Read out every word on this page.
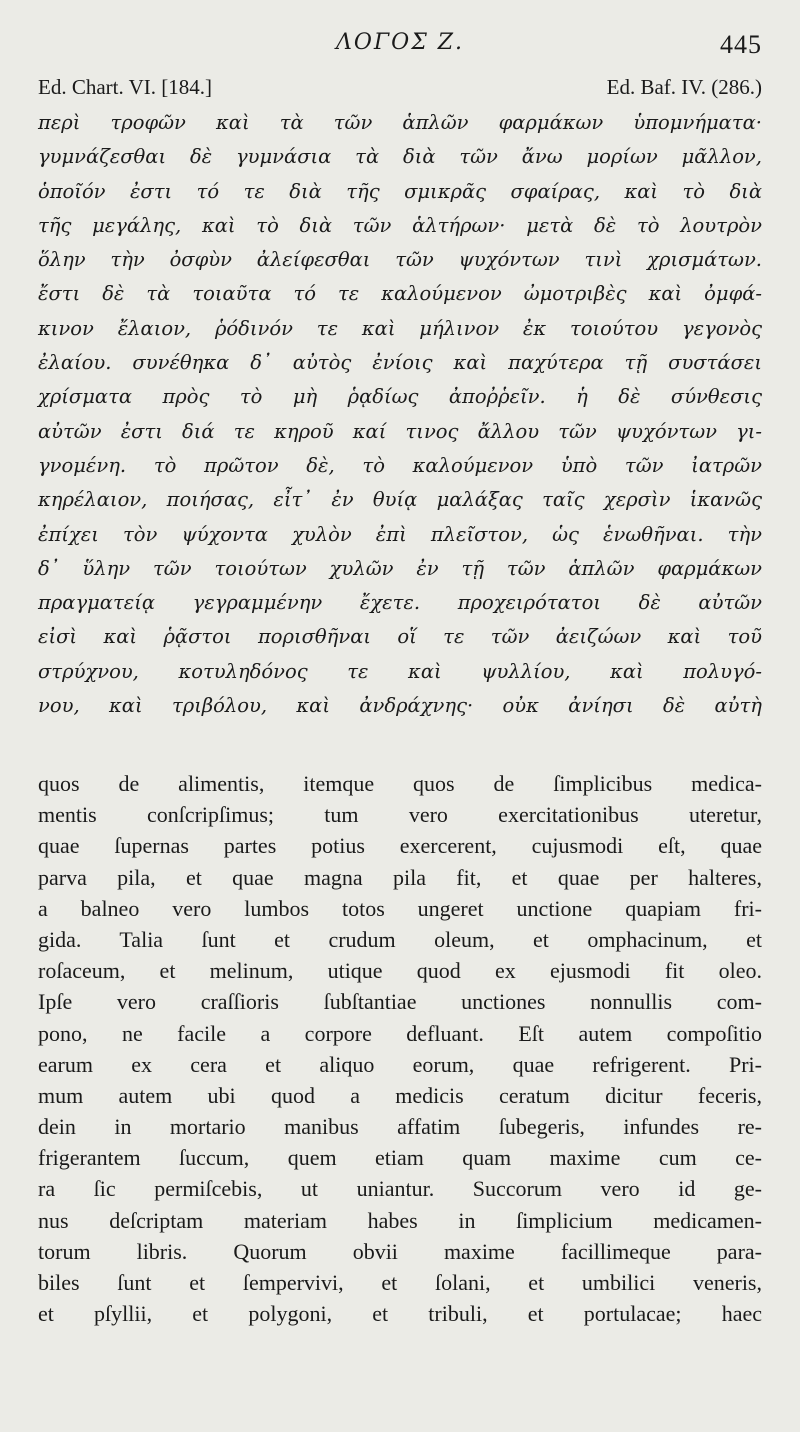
ΛΟΓΟΣ Ζ.	445
Ed. Chart. VI. [184.]	Ed. Baf. IV. (286.)
περὶ τροφῶν καὶ τὰ τῶν ἁπλῶν φαρμάκων ὑπομνήματα·
γυμνάζεσθαι δὲ γυμνάσια τὰ διὰ τῶν ἄνω μορίων μᾶλλον,
ὁποῖόν ἐστι τό τε διὰ τῆς σμικρᾶς σφαίρας, καὶ τὸ διὰ
τῆς μεγάλης, καὶ τὸ διὰ τῶν ἁλτήρων· μετὰ δὲ τὸ λουτρὸν
ὅλην τὴν ὀσφὺν ἀλείφεσθαι τῶν ψυχόντων τινὶ χρισμάτων.
ἔστι δὲ τὰ τοιαῦτα τό τε καλούμενον ὠμοτριβὲς καὶ ὀμφά-
κινον ἔλαιον, ῥόδινόν τε καὶ μήλινον ἐκ τοιούτου γεγονὸς
ἐλαίου. συνέθηκα δ᾽ αὐτὸς ἐνίοις καὶ παχύτερα τῇ συστάσει
χρίσματα πρὸς τὸ μὴ ῥᾳδίως ἀποῤῥεῖν. ἡ δὲ σύνθεσις
αὐτῶν ἐστι διά τε κηροῦ καί τινος ἄλλου τῶν ψυχόντων γι-
γνομένη. τὸ πρῶτον δὲ, τὸ καλούμενον ὑπὸ τῶν ἰατρῶν
κηρέλαιον, ποιήσας, εἶτ᾽ ἐν θυίᾳ μαλάξας ταῖς χερσὶν ἱκανῶς
ἐπίχει τὸν ψύχοντα χυλὸν ἐπὶ πλεῖστον, ὡς ἑνωθῆναι. τὴν
δ᾽ ὕλην τῶν τοιούτων χυλῶν ἐν τῇ τῶν ἁπλῶν φαρμάκων
πραγματείᾳ γεγραμμένην ἔχετε. προχειρότατοι δὲ αὐτῶν
εἰσὶ καὶ ῥᾷστοι πορισθῆναι οἵ τε τῶν ἀειζώων καὶ τοῦ
στρύχνου, κοτυληδόνος τε καὶ ψυλλίου, καὶ πολυγό-
νου, καὶ τριβόλου, καὶ ἀνδράχνης· οὐκ ἀνίησι δὲ αὐτὴ
quos de alimentis, itemque quos de ſimplicibus medica-
mentis conſcripſimus; tum vero exercitationibus uteretur,
quae ſupernas partes potius exercerent, cujusmodi eſt, quae
parva pila, et quae magna pila fit, et quae per halteres,
a balneo vero lumbos totos ungeret unctione quapiam fri-
gida. Talia ſunt et crudum oleum, et omphacinum, et
roſaceum, et melinum, utique quod ex ejusmodi fit oleo.
Ipſe vero craſſioris ſubſtantiae unctiones nonnullis com-
pono, ne facile a corpore defluant. Eſt autem compoſitio
earum ex cera et aliquo eorum, quae refrigerent. Pri-
mum autem ubi quod a medicis ceratum dicitur feceris,
dein in mortario manibus affatim ſubegeris, infundes re-
frigerantem ſuccum, quem etiam quam maxime cum ce-
ra ſic permiſcebis, ut uniantur. Succorum vero id ge-
nus deſcriptam materiam habes in ſimplicium medicamen-
torum libris. Quorum obvii maxime facillimeque para-
biles ſunt et ſempervivi, et ſolani, et umbilici veneris,
et pſyllii, et polygoni, et tribuli, et portulacae; haec
